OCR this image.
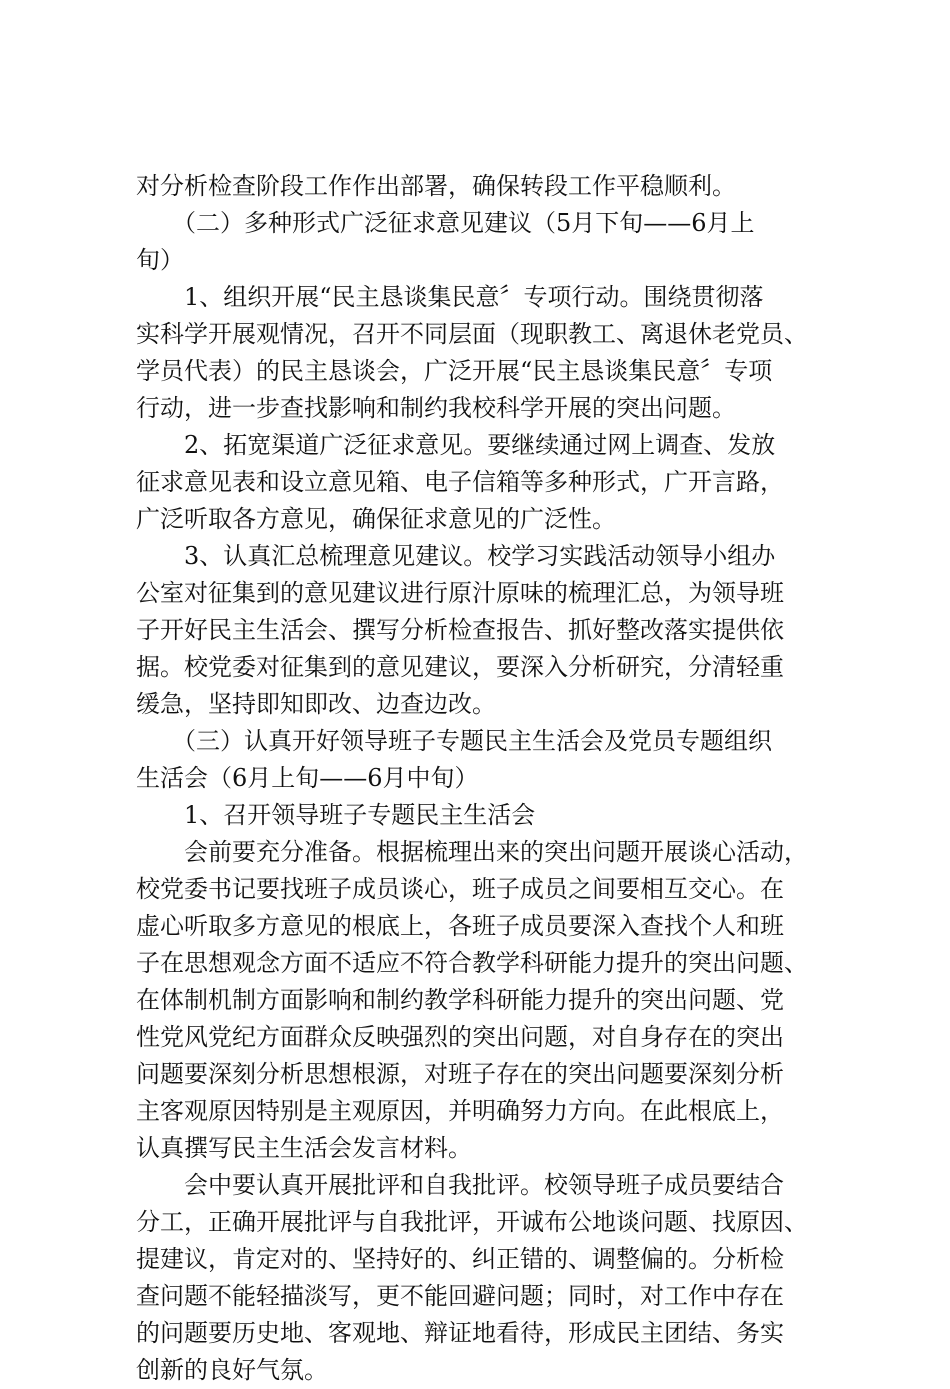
对分析检查阶段工作作出部署，确保转段工作平稳顺利。
（二）多种形式广泛征求意见建议（5月下旬——6月上
旬）
1、组织开展“民主恳谈集民意〞专项行动。围绕贯彻落
实科学开展观情况，召开不同层面（现职教工、离退休老党员、
学员代表）的民主恳谈会，广泛开展“民主恳谈集民意〞专项
行动，进一步查找影响和制约我校科学开展的突出问题。
2、拓宽渠道广泛征求意见。要继续通过网上调查、发放
征求意见表和设立意见箱、电子信箱等多种形式，广开言路，
广泛听取各方意见，确保征求意见的广泛性。
3、认真汇总梳理意见建议。校学习实践活动领导小组办
公室对征集到的意见建议进行原汁原味的梳理汇总，为领导班
子开好民主生活会、撰写分析检查报告、抓好整改落实提供依
据。校党委对征集到的意见建议，要深入分析研究，分清轻重
缓急，坚持即知即改、边查边改。
（三）认真开好领导班子专题民主生活会及党员专题组织
生活会（6月上旬——6月中旬）
1、召开领导班子专题民主生活会
会前要充分准备。根据梳理出来的突出问题开展谈心活动，
校党委书记要找班子成员谈心，班子成员之间要相互交心。在
虚心听取多方意见的根底上，各班子成员要深入查找个人和班
子在思想观念方面不适应不符合教学科研能力提升的突出问题、
在体制机制方面影响和制约教学科研能力提升的突出问题、党
性党风党纪方面群众反映强烈的突出问题，对自身存在的突出
问题要深刻分析思想根源，对班子存在的突出问题要深刻分析
主客观原因特别是主观原因，并明确努力方向。在此根底上，
认真撰写民主生活会发言材料。
会中要认真开展批评和自我批评。校领导班子成员要结合
分工，正确开展批评与自我批评，开诚布公地谈问题、找原因、
提建议，肯定对的、坚持好的、纠正错的、调整偏的。分析检
查问题不能轻描淡写，更不能回避问题；同时，对工作中存在
的问题要历史地、客观地、辩证地看待，形成民主团结、务实
创新的良好气氛。
